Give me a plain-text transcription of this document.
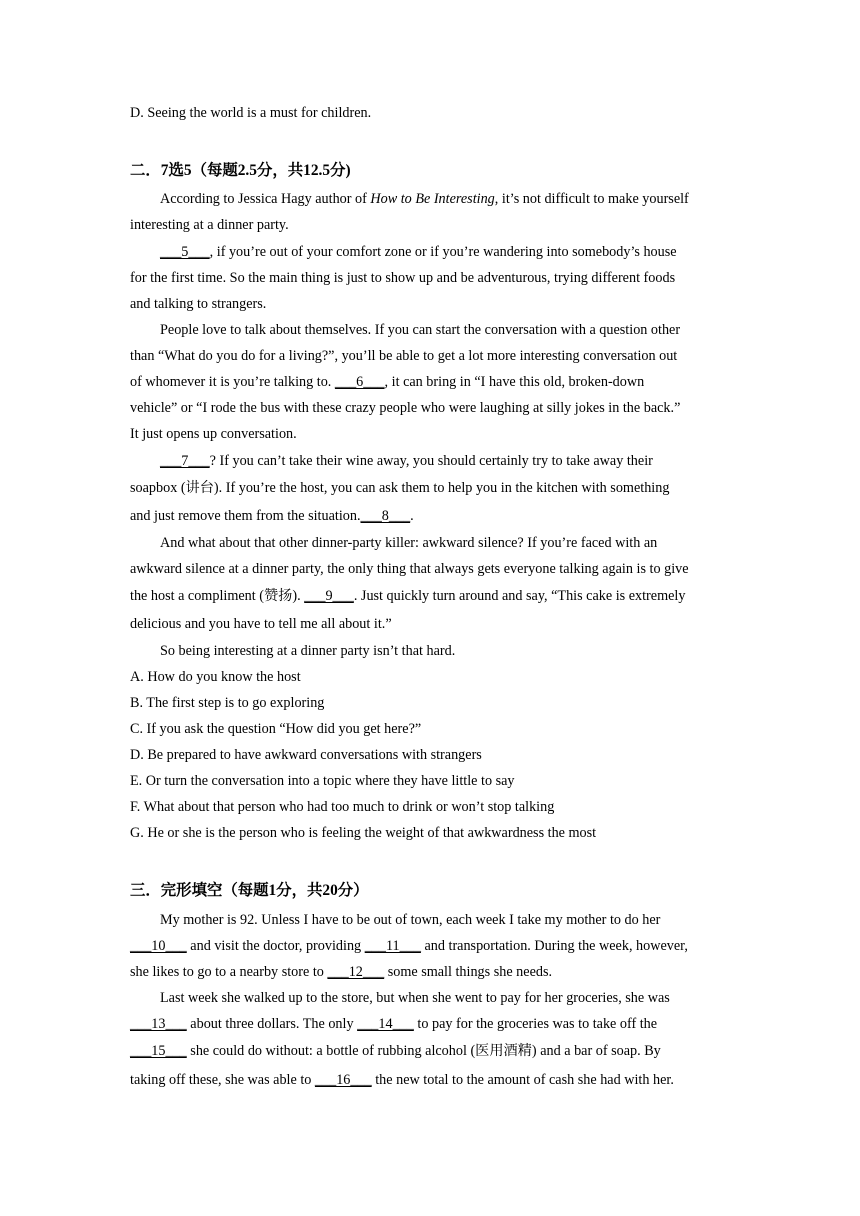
D. Seeing the world is a must for children.
二．7选5（每题2.5分，共12.5分)
According to Jessica Hagy author of How to Be Interesting, it’s not difficult to make yourself
interesting at a dinner party.
___5___, if you’re out of your comfort zone or if you’re wandering into somebody’s house
for the first time. So the main thing is just to show up and be adventurous, trying different foods
and talking to strangers.
People love to talk about themselves. If you can start the conversation with a question other
than “What do you do for a living?”, you’ll be able to get a lot more interesting conversation out
of whomever it is you’re talking to. ___6___, it can bring in “I have this old, broken-down
vehicle” or “I rode the bus with these crazy people who were laughing at silly jokes in the back.”
It just opens up conversation.
___7___? If you can’t take their wine away, you should certainly try to take away their
soapbox (讲台). If you’re the host, you can ask them to help you in the kitchen with something
and just remove them from the situation.___8___.
And what about that other dinner-party killer: awkward silence? If you’re faced with an
awkward silence at a dinner party, the only thing that always gets everyone talking again is to give
the host a compliment (赞扬). ___9___. Just quickly turn around and say, “This cake is extremely
delicious and you have to tell me all about it.”
So being interesting at a dinner party isn’t that hard.
A. How do you know the host
B. The first step is to go exploring
C. If you ask the question “How did you get here?”
D. Be prepared to have awkward conversations with strangers
E. Or turn the conversation into a topic where they have little to say
F. What about that person who had too much to drink or won’t stop talking
G. He or she is the person who is feeling the weight of that awkwardness the most
三．完形填空（每题1分，共20分）
My mother is 92. Unless I have to be out of town, each week I take my mother to do her
___10___ and visit the doctor, providing ___11___ and transportation. During the week, however,
she likes to go to a nearby store to ___12___ some small things she needs.
Last week she walked up to the store, but when she went to pay for her groceries, she was
___13___ about three dollars. The only ___14___ to pay for the groceries was to take off the
___15___ she could do without: a bottle of rubbing alcohol (医用酒精) and a bar of soap. By
taking off these, she was able to ___16___ the new total to the amount of cash she had with her.
